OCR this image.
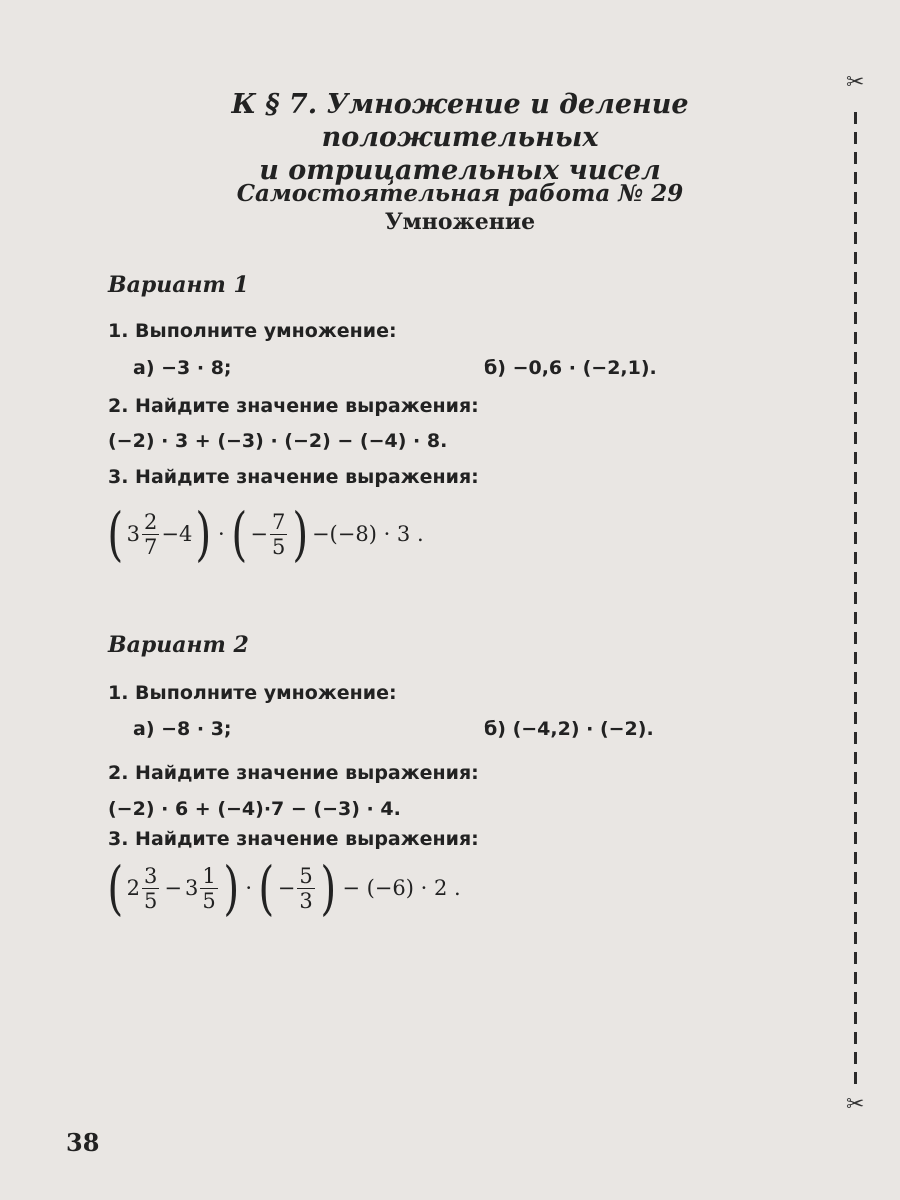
К § 7. Умножение и деление положительных
и отрицательных чисел
Самостоятельная работа № 29
Умножение
Вариант 1
1. Выполните умножение:
а) −3 · 8;	б) −0,6 · (−2,1).
2. Найдите значение выражения:
(−2) · 3 + (−3) · (−2) − (−4) · 8.
3. Найдите значение выражения:
( $3 \frac{2}{7} -4$ ) · ( − $\frac{7}{5}$ ) −(−8) · 3 .
Вариант 2
1. Выполните умножение:
а) −8 · 3;	б) (−4,2) · (−2).
2. Найдите значение выражения:
(−2) · 6 + (−4)·7 − (−3) · 4.
3. Найдите значение выражения:
( $2 \frac{3}{5} - 3 \frac{1}{5}$ ) · ( − $\frac{5}{3}$ ) − (−6) · 2 .
✂
✂
38
